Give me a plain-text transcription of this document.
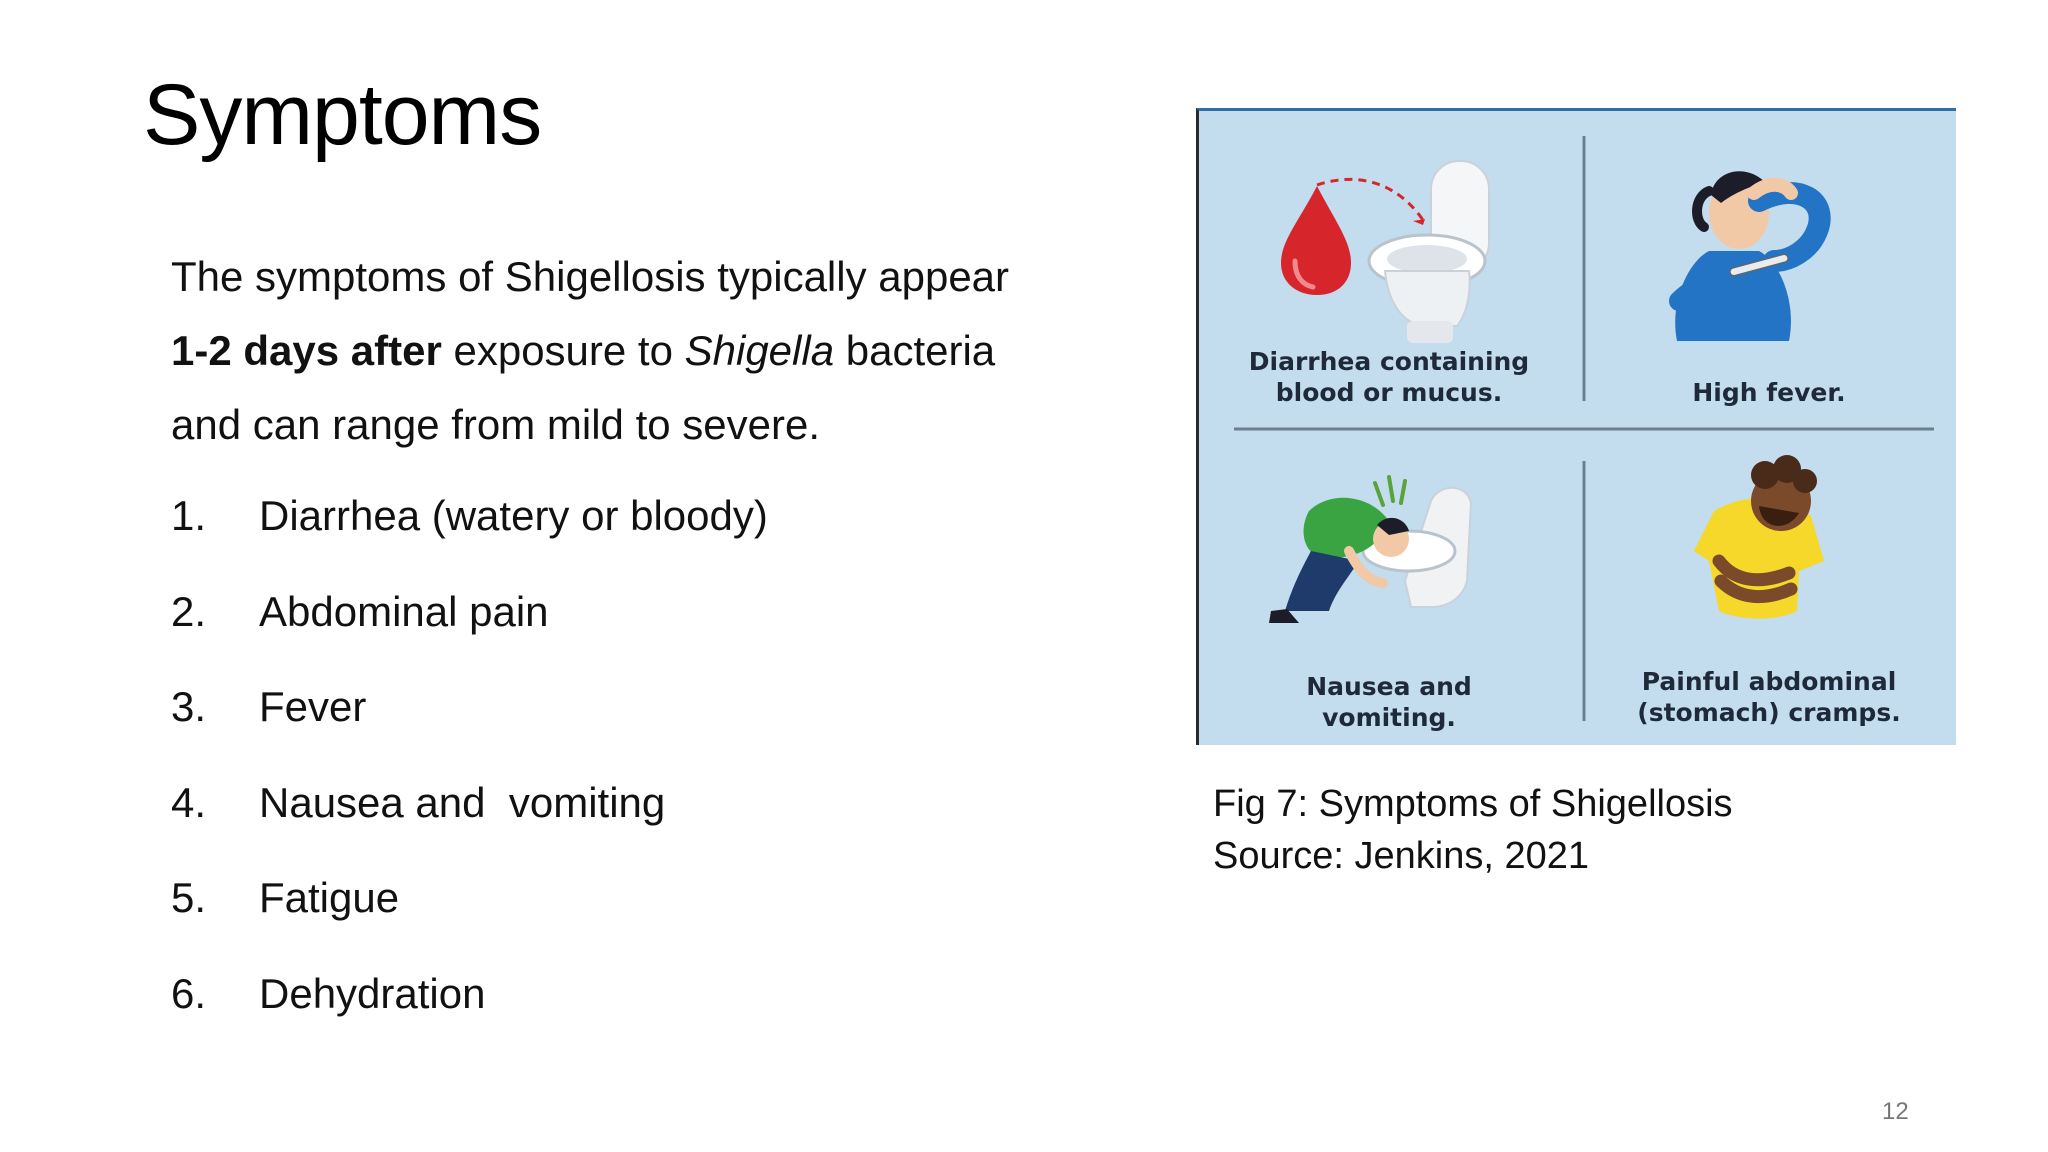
Symptoms
The symptoms of Shigellosis typically appear
1-2 days after exposure to Shigella bacteria
and can range from mild to severe.
1.	Diarrhea (watery or bloody)
2.	Abdominal pain
3.	Fever
4.	Nausea and  vomiting
5.	Fatigue
6.	Dehydration
Diarrhea containing
blood or mucus.	High fever.
Nausea and
vomiting.
Painful abdominal
(stomach) cramps.
Fig 7: Symptoms of Shigellosis
Source: Jenkins, 2021
12
